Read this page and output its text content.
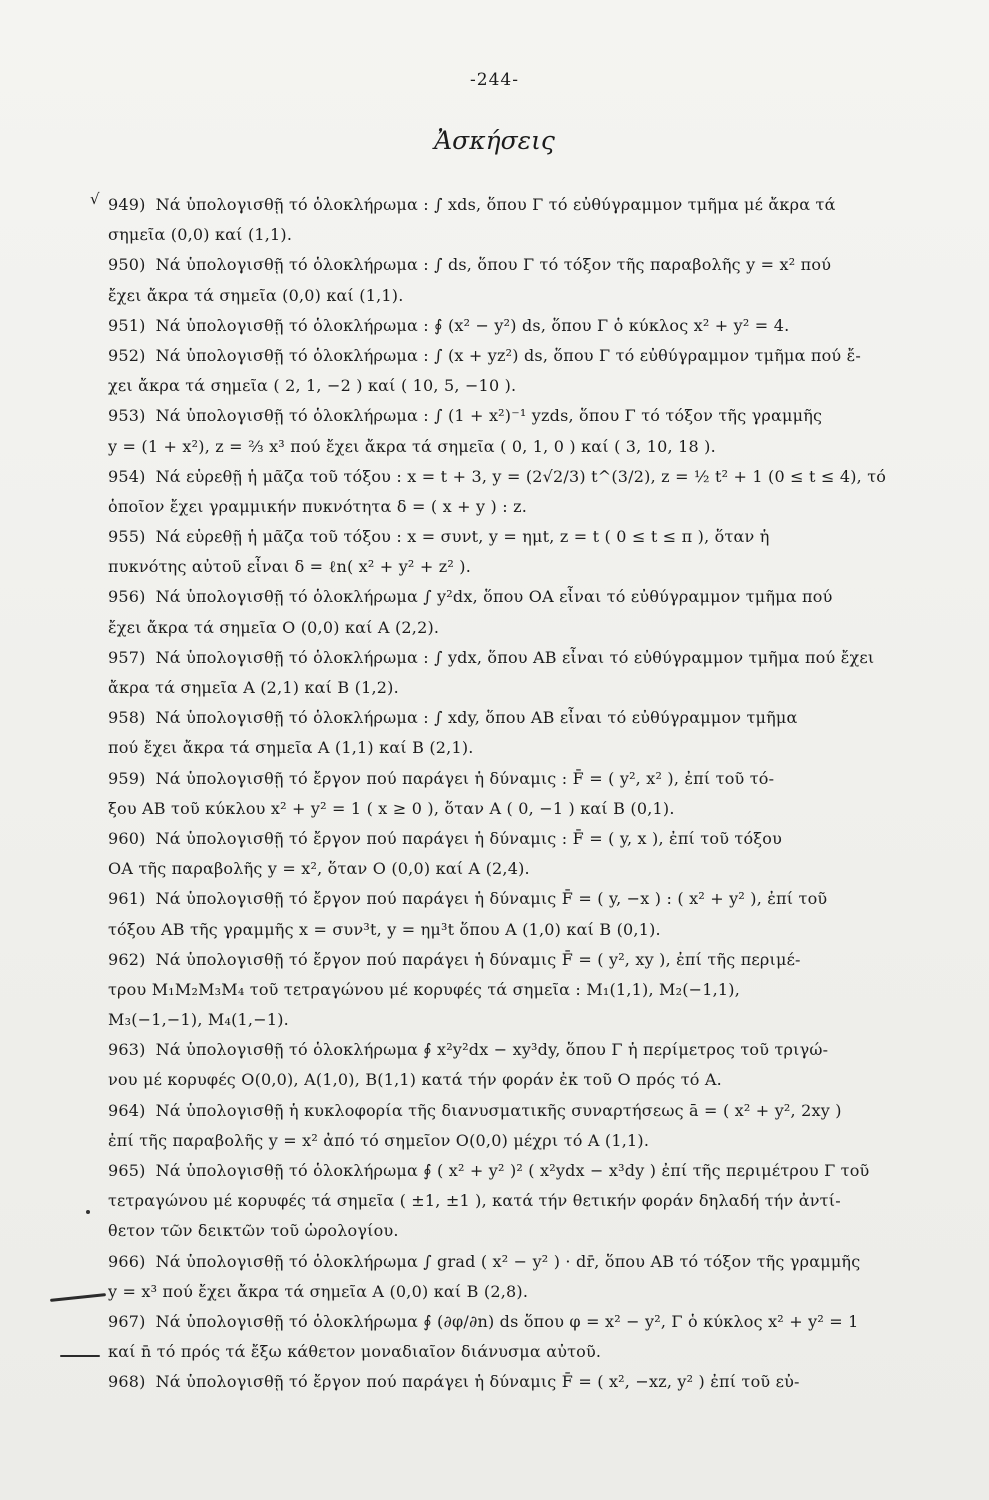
-244-
Ἀσκήσεις
√ 949) Νά ὑπολογισθῇ τό ὁλοκλήρωμα : ∫ xds, ὅπου Γ τό εὐθύγραμμον τμῆμα μέ ἄκρα τά
σημεῖα (0,0) καί (1,1).
950) Νά ὑπολογισθῇ τό ὁλοκλήρωμα : ∫ ds, ὅπου Γ τό τόξον τῆς παραβολῆς y = x² πού
ἔχει ἄκρα τά σημεῖα (0,0) καί (1,1).
951) Νά ὑπολογισθῇ τό ὁλοκλήρωμα : ∮ (x² − y²) ds, ὅπου Γ ὁ κύκλος x² + y² = 4.
952) Νά ὑπολογισθῇ τό ὁλοκλήρωμα : ∫ (x + yz²) ds, ὅπου Γ τό εὐθύγραμμον τμῆμα πού ἔ-
χει ἄκρα τά σημεῖα ( 2, 1, −2 ) καί ( 10, 5, −10 ).
953) Νά ὑπολογισθῇ τό ὁλοκλήρωμα : ∫ (1 + x²)⁻¹ yzds, ὅπου Γ τό τόξον τῆς γραμμῆς
y = (1 + x²), z = ⅔ x³ πού ἔχει ἄκρα τά σημεῖα ( 0, 1, 0 ) καί ( 3, 10, 18 ).
954) Νά εὑρεθῇ ἡ μᾶζα τοῦ τόξου : x = t + 3, y = (2√2/3) t^(3/2), z = ½ t² + 1 (0 ≤ t ≤ 4), τό
ὁποῖον ἔχει γραμμικήν πυκνότητα δ = ( x + y ) : z.
955) Νά εὑρεθῇ ἡ μᾶζα τοῦ τόξου : x = συνt, y = ημt, z = t ( 0 ≤ t ≤ π ), ὅταν ἡ
πυκνότης αὐτοῦ εἶναι δ = ℓn( x² + y² + z² ).
956) Νά ὑπολογισθῇ τό ὁλοκλήρωμα ∫ y²dx, ὅπου ΟΑ εἶναι τό εὐθύγραμμον τμῆμα πού
ἔχει ἄκρα τά σημεῖα Ο (0,0) καί Α (2,2).
957) Νά ὑπολογισθῇ τό ὁλοκλήρωμα : ∫ ydx, ὅπου ΑΒ εἶναι τό εὐθύγραμμον τμῆμα πού ἔχει
ἄκρα τά σημεῖα Α (2,1) καί Β (1,2).
958) Νά ὑπολογισθῇ τό ὁλοκλήρωμα : ∫ xdy, ὅπου ΑΒ εἶναι τό εὐθύγραμμον τμῆμα
πού ἔχει ἄκρα τά σημεῖα Α (1,1) καί Β (2,1).
959) Νά ὑπολογισθῇ τό ἔργον πού παράγει ἡ δύναμις : F̄ = ( y², x² ), ἐπί τοῦ τό-
ξου ΑΒ τοῦ κύκλου x² + y² = 1 ( x ≥ 0 ), ὅταν Α ( 0, −1 ) καί Β (0,1).
960) Νά ὑπολογισθῇ τό ἔργον πού παράγει ἡ δύναμις : F̄ = ( y, x ), ἐπί τοῦ τόξου
ΟΑ τῆς παραβολῆς y = x², ὅταν Ο (0,0) καί Α (2,4).
961) Νά ὑπολογισθῇ τό ἔργον πού παράγει ἡ δύναμις F̄ = ( y, −x ) : ( x² + y² ), ἐπί τοῦ
τόξου ΑΒ τῆς γραμμῆς x = συν³t, y = ημ³t ὅπου Α (1,0) καί Β (0,1).
962) Νά ὑπολογισθῇ τό ἔργον πού παράγει ἡ δύναμις F̄ = ( y², xy ), ἐπί τῆς περιμέ-
τρου Μ₁Μ₂Μ₃Μ₄ τοῦ τετραγώνου μέ κορυφές τά σημεῖα : Μ₁(1,1), Μ₂(−1,1),
Μ₃(−1,−1), Μ₄(1,−1).
963) Νά ὑπολογισθῇ τό ὁλοκλήρωμα ∮ x²y²dx − xy³dy, ὅπου Γ ἡ περίμετρος τοῦ τριγώ-
νου μέ κορυφές Ο(0,0), Α(1,0), Β(1,1) κατά τήν φοράν ἐκ τοῦ Ο πρός τό Α.
964) Νά ὑπολογισθῇ ἡ κυκλοφορία τῆς διανυσματικῆς συναρτήσεως ā = ( x² + y², 2xy )
ἐπί τῆς παραβολῆς y = x² ἀπό τό σημεῖον Ο(0,0) μέχρι τό Α (1,1).
965) Νά ὑπολογισθῇ τό ὁλοκλήρωμα ∮ ( x² + y² )² ( x²ydx − x³dy ) ἐπί τῆς περιμέτρου Γ τοῦ
τετραγώνου μέ κορυφές τά σημεῖα ( ±1, ±1 ), κατά τήν θετικήν φοράν δηλαδή τήν ἀντί-
θετον τῶν δεικτῶν τοῦ ὡρολογίου.
966) Νά ὑπολογισθῇ τό ὁλοκλήρωμα ∫ grad ( x² − y² ) · dr̄, ὅπου ΑΒ τό τόξον τῆς γραμμῆς
y = x³ πού ἔχει ἄκρα τά σημεῖα Α (0,0) καί Β (2,8).
967) Νά ὑπολογισθῇ τό ὁλοκλήρωμα ∮ (∂φ/∂n) ds ὅπου φ = x² − y², Γ ὁ κύκλος x² + y² = 1
καί n̄ τό πρός τά ἔξω κάθετον μοναδιαῖον διάνυσμα αὐτοῦ.
968) Νά ὑπολογισθῇ τό ἔργον πού παράγει ἡ δύναμις F̄ = ( x², −xz, y² ) ἐπί τοῦ εὐ-
